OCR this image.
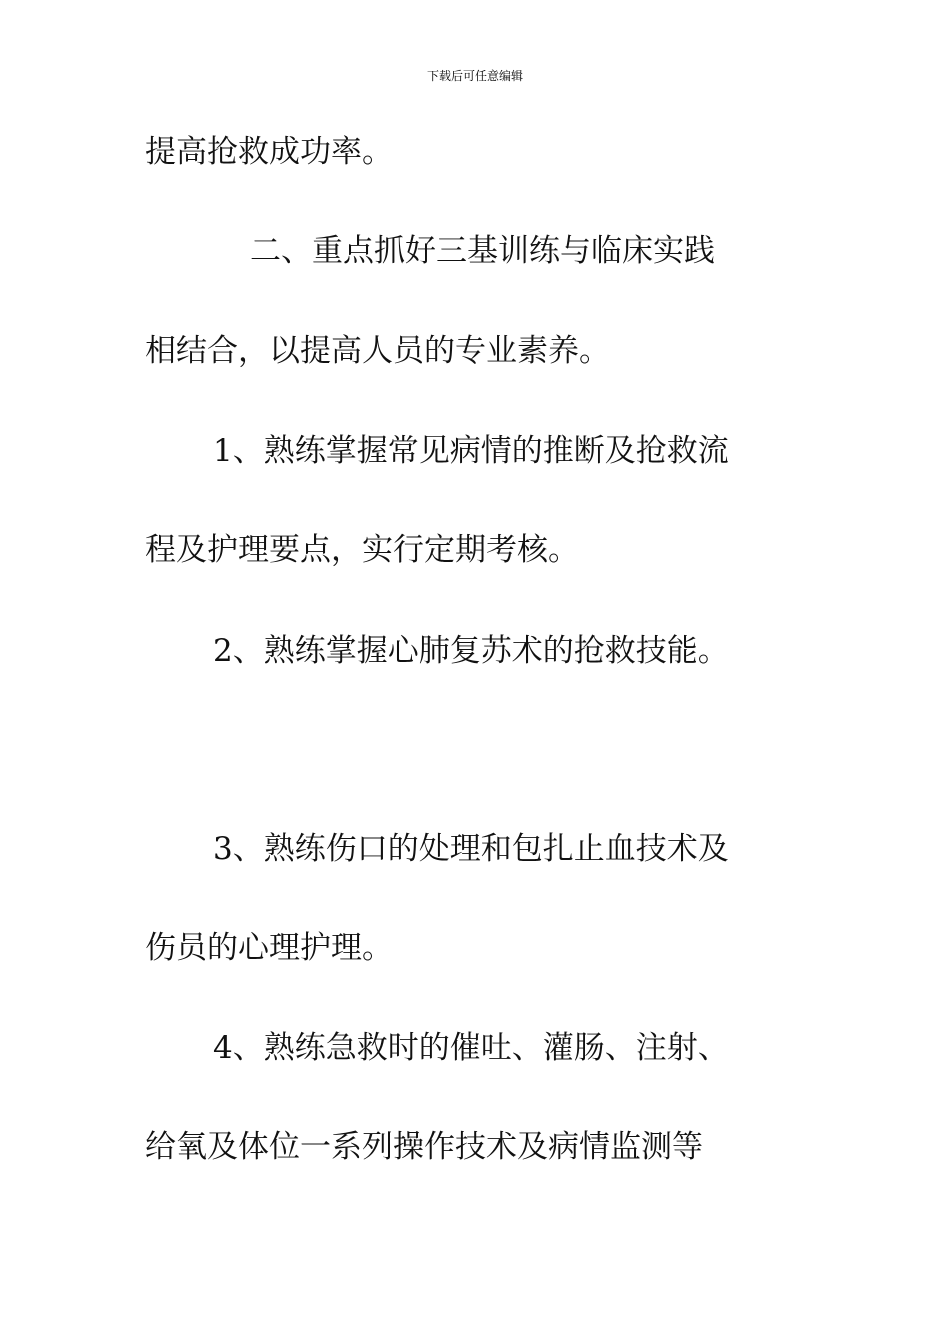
下载后可任意编辑
提高抢救成功率。
二、重点抓好三基训练与临床实践
相结合，以提高人员的专业素养。
1、熟练掌握常见病情的推断及抢救流
程及护理要点，实行定期考核。
2、熟练掌握心肺复苏术的抢救技能。
3、熟练伤口的处理和包扎止血技术及
伤员的心理护理。
4、熟练急救时的催吐、灌肠、注射、
给氧及体位一系列操作技术及病情监测等
